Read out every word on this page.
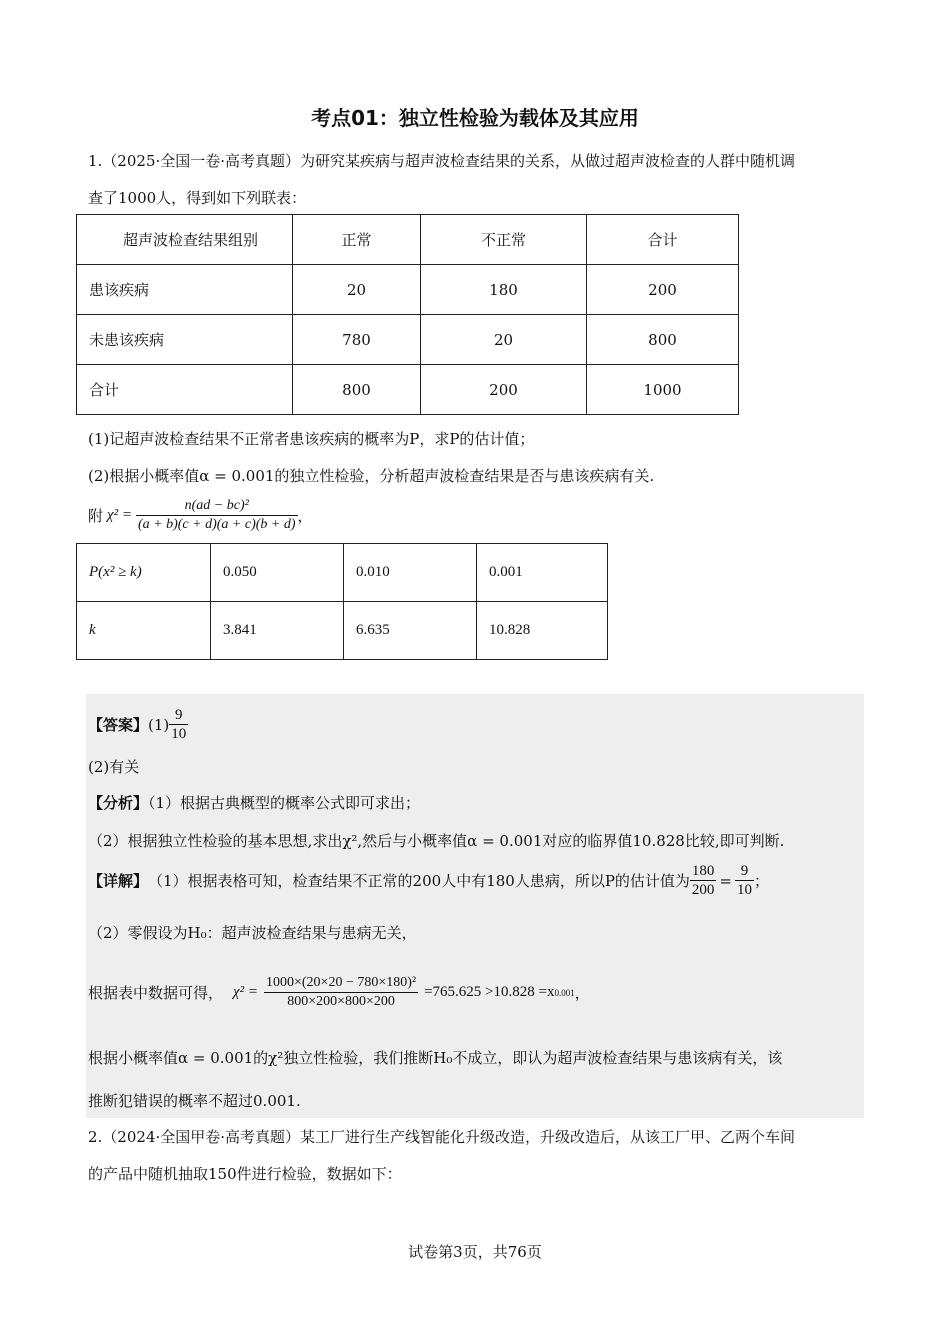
考点01：独立性检验为载体及其应用
1.（2025·全国一卷·高考真题）为研究某疾病与超声波检查结果的关系，从做过超声波检查的人群中随机调
查了1000人，得到如下列联表：
超声波检查结果组别	正常	不正常	合计
患该疾病	20	180	200
未患该疾病	780	20	800
合计	800	200	1000
(1)记超声波检查结果不正常者患该疾病的概率为P，求P的估计值；
(2)根据小概率值α = 0.001的独立性检验，分析超声波检查结果是否与患该疾病有关.
附 $\chi^2 = \frac{\text{n(ad − bc)²}}{(a + b)(c + d)(a + c)(b + d)}$ ，
P(x² ≥ k)	0.050	0.010	0.001
k	3.841	6.635	10.828
【答案】 $(1) \frac{9}{10}$
(2)有关
【分析】（1）根据古典概型的概率公式即可求出；
（2）根据独立性检验的基本思想,求出χ²,然后与小概率值α = 0.001对应的临界值10.828比较,即可判断.
【详解】 （1）根据表格可知，检查结果不正常的200人中有180人患病，所以P的估计值为 $\frac{180}{200} = \frac{9}{10}$ ；
（2）零假设为H₀：超声波检查结果与患病无关，
根据表中数据可得， $\chi^2 = \frac{\text{1000×(20×20 − 780×180)²}}{800\times 200\times 800\times 200} =765.625 >10.828 =x$ 0.001 ，
根据小概率值α = 0.001的χ²独立性检验，我们推断H₀不成立，即认为超声波检查结果与患该病有关，该
推断犯错误的概率不超过0.001.
2.（2024·全国甲卷·高考真题）某工厂进行生产线智能化升级改造，升级改造后，从该工厂甲、乙两个车间
的产品中随机抽取150件进行检验，数据如下：
试卷第3页，共76页
